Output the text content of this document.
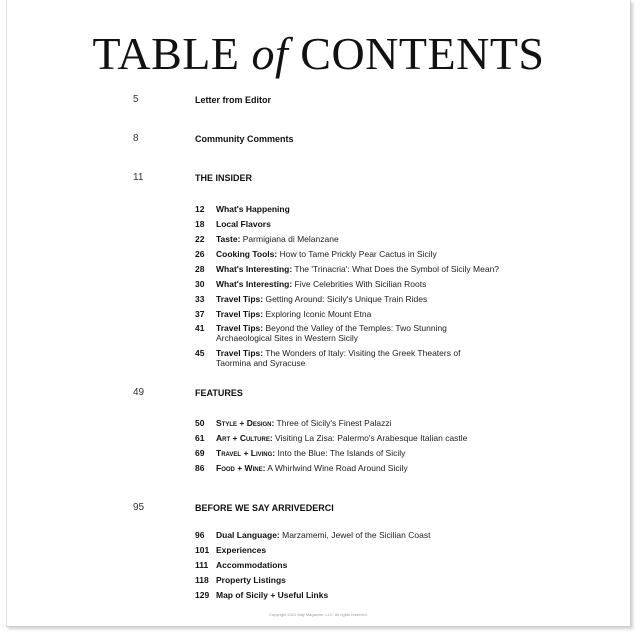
TABLE of CONTENTS
5	Letter from Editor
8	Community Comments
11	THE INSIDER
12	What's Happening
18	Local Flavors
22	Taste: Parmigiana di Melanzane
26	Cooking Tools: How to Tame Prickly Pear Cactus in Sicily
28	What's Interesting: The 'Trinacria': What Does the Symbol of Sicily Mean?
30	What's Interesting: Five Celebrities With Sicilian Roots
33	Travel Tips: Getting Around: Sicily's Unique Train Rides
37	Travel Tips: Exploring Iconic Mount Etna
41	Travel Tips: Beyond the Valley of the Temples: Two Stunning Archaeological Sites in Western Sicily
45	Travel Tips: The Wonders of Italy: Visiting the Greek Theaters of Taormina and Syracuse
49	FEATURES
50	Style + Design: Three of Sicily's Finest Palazzi
61	Art + Culture: Visiting La Zisa: Palermo's Arabesque Italian castle
69	Travel + Living: Into the Blue: The Islands of Sicily
86	Food + Wine: A Whirlwind Wine Road Around Sicily
95	BEFORE WE SAY ARRIVEDERCI
96	Dual Language: Marzamemi, Jewel of the Sicilian Coast
101 Experiences
111 Accommodations
118 Property Listings
129 Map of Sicily + Useful Links
Copyright 2021 Italy Magazine, LLC. All rights reserved.
